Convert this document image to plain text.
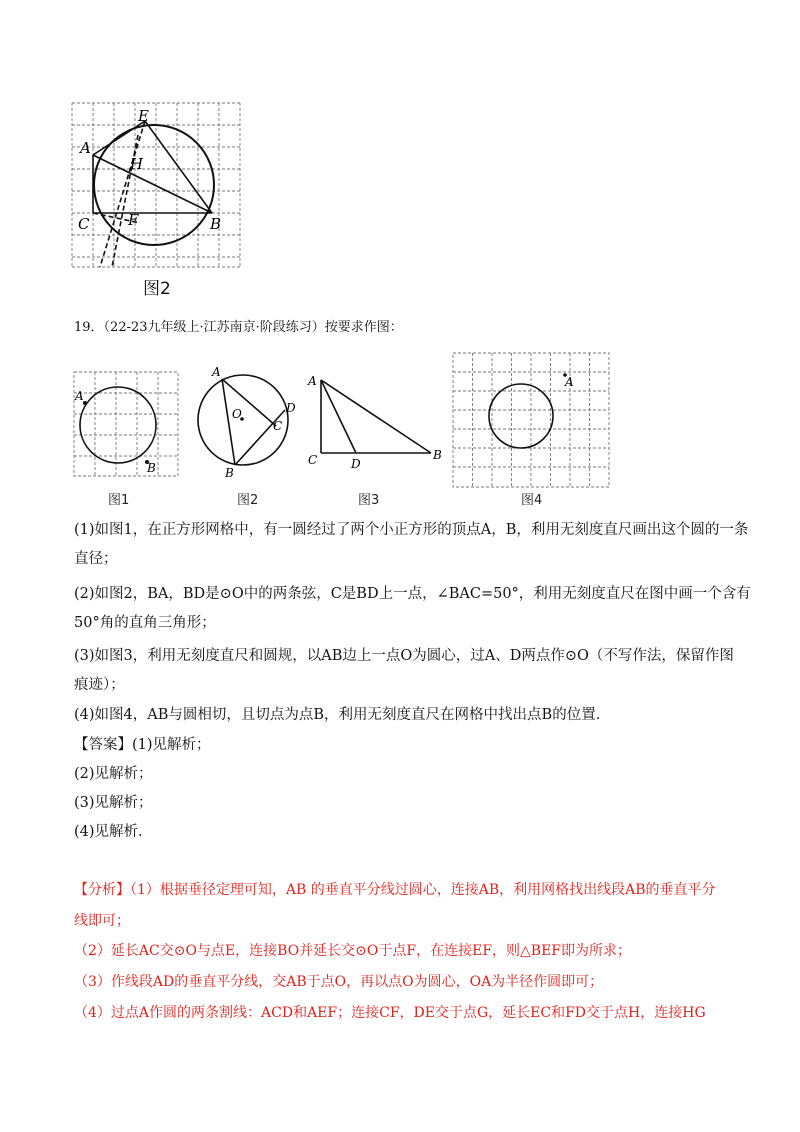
E
A
H
C	F	B
图2
19．（22-23九年级上·江苏南京·阶段练习）按要求作图：
A
B
图1
A
O	D
C
B
图2
A
C	D
B
图3
A
图4
(1)如图1，在正方形网格中，有一圆经过了两个小正方形的顶点A，B，利用无刻度直尺画出这个圆的一条
直径；
(2)如图2，BA，BD是⊙O中的两条弦，C是BD上一点，∠BAC=50°，利用无刻度直尺在图中画一个含有
50°角的直角三角形；
(3)如图3，利用无刻度直尺和圆规，以AB边上一点O为圆心，过A、D两点作⊙O（不写作法，保留作图
痕迹）；
(4)如图4，AB与圆相切，且切点为点B，利用无刻度直尺在网格中找出点B的位置.
【答案】(1)见解析；
(2)见解析；
(3)见解析；
(4)见解析.
【分析】（1）根据垂径定理可知，AB 的垂直平分线过圆心，连接AB，利用网格找出线段AB的垂直平分
线即可；
（2）延长AC交⊙O与点E，连接BO并延长交⊙O于点F，在连接EF，则△BEF即为所求；
（3）作线段AD的垂直平分线，交AB于点O，再以点O为圆心，OA为半径作圆即可；
（4）过点A作圆的两条割线：ACD和AEF；连接CF，DE交于点G，延长EC和FD交于点H，连接HG
